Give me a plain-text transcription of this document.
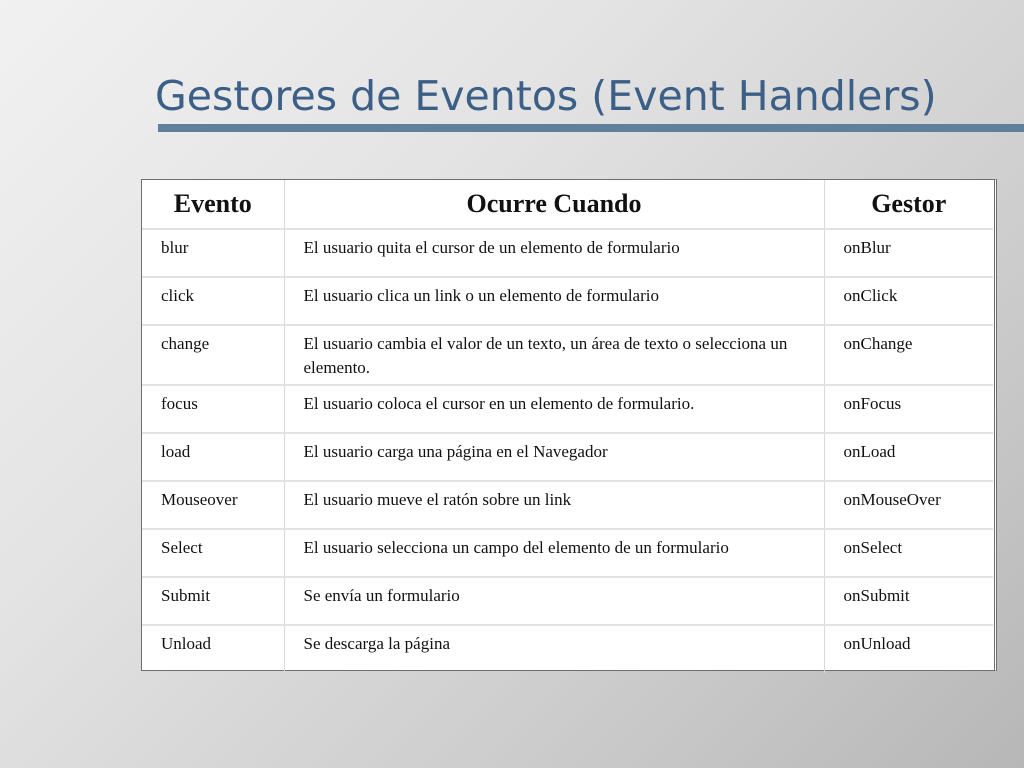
Gestores de Eventos (Event Handlers)
Evento	Ocurre Cuando	Gestor
blur	El usuario quita el cursor de un elemento de formulario	onBlur
click	El usuario clica un link o un elemento de formulario	onClick
change	El usuario cambia el valor de un texto, un área de texto o selecciona un elemento.	onChange
focus	El usuario coloca el cursor en un elemento de formulario.	onFocus
load	El usuario carga una página en el Navegador	onLoad
Mouseover	El usuario mueve el ratón sobre un link	onMouseOver
Select	El usuario selecciona un campo del elemento de un formulario	onSelect
Submit	Se envía un formulario	onSubmit
Unload	Se descarga la página	onUnload
